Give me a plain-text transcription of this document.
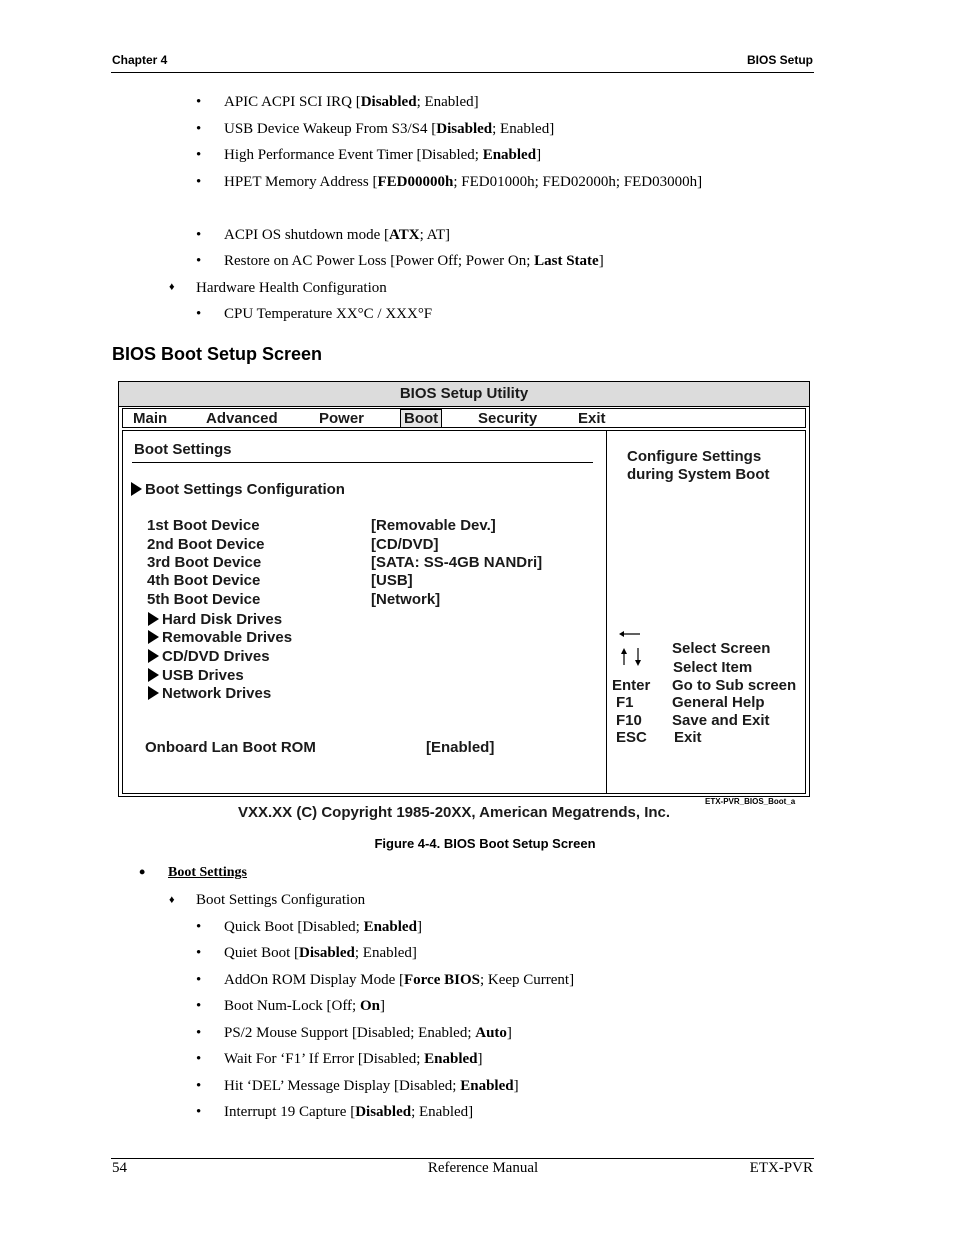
Chapter 4	BIOS Setup
• APIC ACPI SCI IRQ [Disabled; Enabled]
• USB Device Wakeup From S3/S4 [Disabled; Enabled]
• High Performance Event Timer [Disabled; Enabled]
• HPET Memory Address [FED00000h; FED01000h; FED02000h; FED03000h]
• ACPI OS shutdown mode [ATX; AT]
• Restore on AC Power Loss [Power Off; Power On; Last State]
♦ Hardware Health Configuration
• CPU Temperature XX°C / XXX°F
BIOS Boot Setup Screen
BIOS Setup Utility
Main	Advanced	Power	Boot	Security	Exit
Boot Settings
Boot Settings Configuration
1st Boot Device	[Removable Dev.]
2nd Boot Device	[CD/DVD]
3rd Boot Device	[SATA: SS-4GB NANDri]
4th Boot Device	[USB]
5th Boot Device	[Network]
Hard Disk Drives
Removable Drives
CD/DVD Drives
USB Drives
Network Drives
Onboard Lan Boot ROM	[Enabled]
Configure Settings
during System Boot
Select Screen
Select Item
Enter Go to Sub screen
F1	General Help
F10 Save and Exit
ESC Exit
VXX.XX (C) Copyright 1985-20XX, American Megatrends, Inc.
ETX-PVR_BIOS_Boot_a
Figure 4-4. BIOS Boot Setup Screen
• Boot Settings
♦ Boot Settings Configuration
• Quick Boot [Disabled; Enabled]
• Quiet Boot [Disabled; Enabled]
• AddOn ROM Display Mode [Force BIOS; Keep Current]
• Boot Num-Lock [Off; On]
• PS/2 Mouse Support [Disabled; Enabled; Auto]
• Wait For ‘F1’ If Error [Disabled; Enabled]
• Hit ‘DEL’ Message Display [Disabled; Enabled]
• Interrupt 19 Capture [Disabled; Enabled]
54	Reference Manual	ETX-PVR
